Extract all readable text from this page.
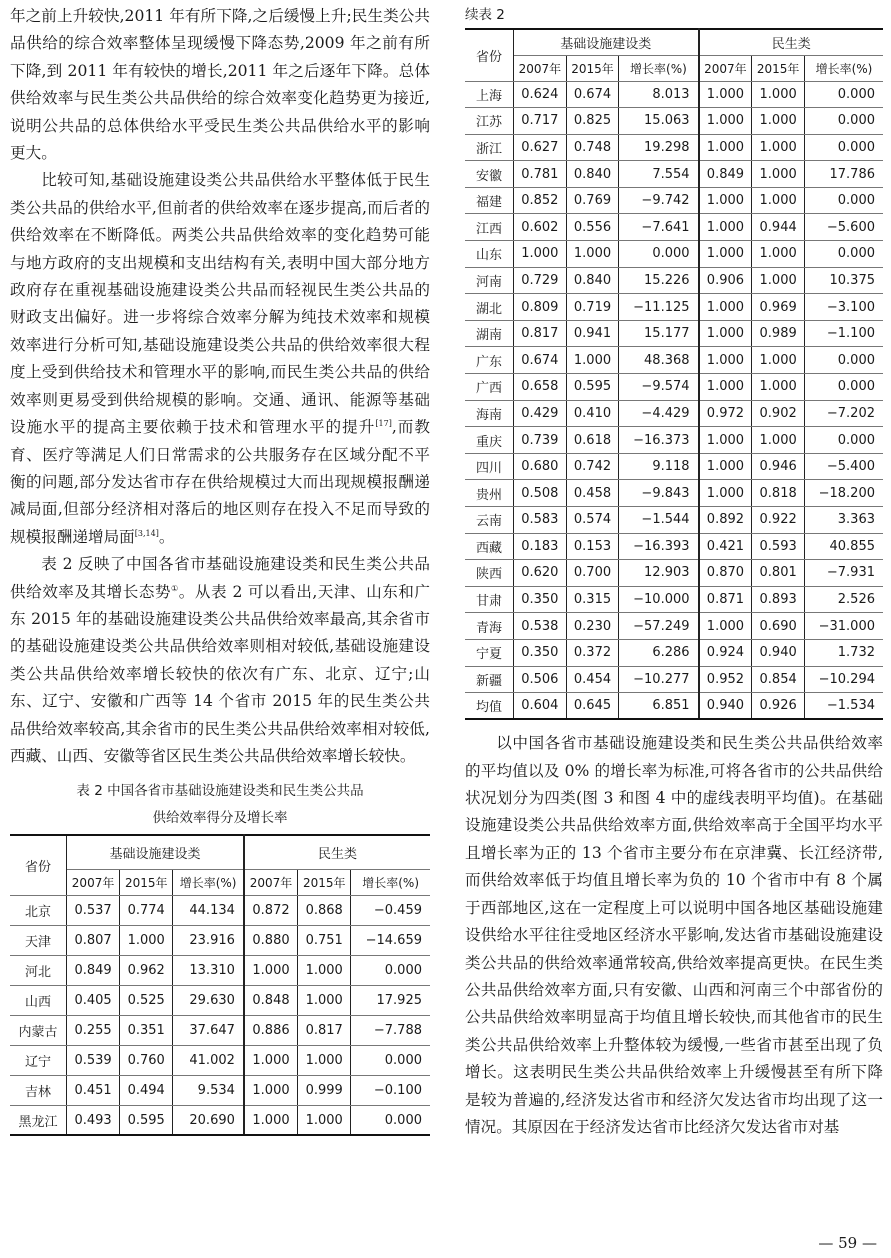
年之前上升较快,2011 年有所下降,之后缓慢上升;民生类公共品供给的综合效率整体呈现缓慢下降态势,2009 年之前有所下降,到 2011 年有较快的增长,2011 年之后逐年下降。总体供给效率与民生类公共品供给的综合效率变化趋势更为接近,说明公共品的总体供给水平受民生类公共品供给水平的影响更大。

比较可知,基础设施建设类公共品供给水平整体低于民生类公共品的供给水平,但前者的供给效率在逐步提高,而后者的供给效率在不断降低。两类公共品供给效率的变化趋势可能与地方政府的支出规模和支出结构有关,表明中国大部分地方政府存在重视基础设施建设类公共品而轻视民生类公共品的财政支出偏好。进一步将综合效率分解为纯技术效率和规模效率进行分析可知,基础设施建设类公共品的供给效率很大程度上受到供给技术和管理水平的影响,而民生类公共品的供给效率则更易受到供给规模的影响。交通、通讯、能源等基础设施水平的提高主要依赖于技术和管理水平的提升[17],而教育、医疗等满足人们日常需求的公共服务存在区域分配不平衡的问题,部分发达省市存在供给规模过大而出现规模报酬递减局面,但部分经济相对落后的地区则存在投入不足而导致的规模报酬递增局面[3,14]。

表 2 反映了中国各省市基础设施建设类和民生类公共品供给效率及其增长态势①。从表 2 可以看出,天津、山东和广东 2015 年的基础设施建设类公共品供给效率最高,其余省市的基础设施建设类公共品供给效率则相对较低,基础设施建设类公共品供给效率增长较快的依次有广东、北京、辽宁;山东、辽宁、安徽和广西等 14 个省市 2015 年的民生类公共品供给效率较高,其余省市的民生类公共品供给效率相对较低,西藏、山西、安徽等省区民生类公共品供给效率增长较快。

表 2 中国各省市基础设施建设类和民生类公共品

供给效率得分及增长率

省份	基础设施建设类			民生类		
	2007年	2015年	增长率(%)	2007年	2015年	增长率(%)
北京	0.537	0.774	44.134	0.872	0.868	−0.459
天津	0.807	1.000	23.916	0.880	0.751	−14.659
河北	0.849	0.962	13.310	1.000	1.000	0.000
山西	0.405	0.525	29.630	0.848	1.000	17.925
内蒙古	0.255	0.351	37.647	0.886	0.817	−7.788
辽宁	0.539	0.760	41.002	1.000	1.000	0.000
吉林	0.451	0.494	9.534	1.000	0.999	−0.100
黑龙江	0.493	0.595	20.690	1.000	1.000	0.000

续表 2

省份	基础设施建设类			民生类		
	2007年	2015年	增长率(%)	2007年	2015年	增长率(%)
上海	0.624	0.674	8.013	1.000	1.000	0.000
江苏	0.717	0.825	15.063	1.000	1.000	0.000
浙江	0.627	0.748	19.298	1.000	1.000	0.000
安徽	0.781	0.840	7.554	0.849	1.000	17.786
福建	0.852	0.769	−9.742	1.000	1.000	0.000
江西	0.602	0.556	−7.641	1.000	0.944	−5.600
山东	1.000	1.000	0.000	1.000	1.000	0.000
河南	0.729	0.840	15.226	0.906	1.000	10.375
湖北	0.809	0.719	−11.125	1.000	0.969	−3.100
湖南	0.817	0.941	15.177	1.000	0.989	−1.100
广东	0.674	1.000	48.368	1.000	1.000	0.000
广西	0.658	0.595	−9.574	1.000	1.000	0.000
海南	0.429	0.410	−4.429	0.972	0.902	−7.202
重庆	0.739	0.618	−16.373	1.000	1.000	0.000
四川	0.680	0.742	9.118	1.000	0.946	−5.400
贵州	0.508	0.458	−9.843	1.000	0.818	−18.200
云南	0.583	0.574	−1.544	0.892	0.922	3.363
西藏	0.183	0.153	−16.393	0.421	0.593	40.855
陕西	0.620	0.700	12.903	0.870	0.801	−7.931
甘肃	0.350	0.315	−10.000	0.871	0.893	2.526
青海	0.538	0.230	−57.249	1.000	0.690	−31.000
宁夏	0.350	0.372	6.286	0.924	0.940	1.732
新疆	0.506	0.454	−10.277	0.952	0.854	−10.294
均值	0.604	0.645	6.851	0.940	0.926	−1.534

以中国各省市基础设施建设类和民生类公共品供给效率的平均值以及 0% 的增长率为标准,可将各省市的公共品供给状况划分为四类(图 3 和图 4 中的虚线表明平均值)。在基础设施建设类公共品供给效率方面,供给效率高于全国平均水平且增长率为正的 13 个省市主要分布在京津冀、长江经济带,而供给效率低于均值且增长率为负的 10 个省市中有 8 个属于西部地区,这在一定程度上可以说明中国各地区基础设施建设供给水平往往受地区经济水平影响,发达省市基础设施建设类公共品的供给效率通常较高,供给效率提高更快。在民生类公共品供给效率方面,只有安徽、山西和河南三个中部省份的公共品供给效率明显高于均值且增长较快,而其他省市的民生类公共品供给效率上升整体较为缓慢,一些省市甚至出现了负增长。这表明民生类公共品供给效率上升缓慢甚至有所下降是较为普遍的,经济发达省市和经济欠发达省市均出现了这一情况。其原因在于经济发达省市比经济欠发达省市对基

— 59 —
